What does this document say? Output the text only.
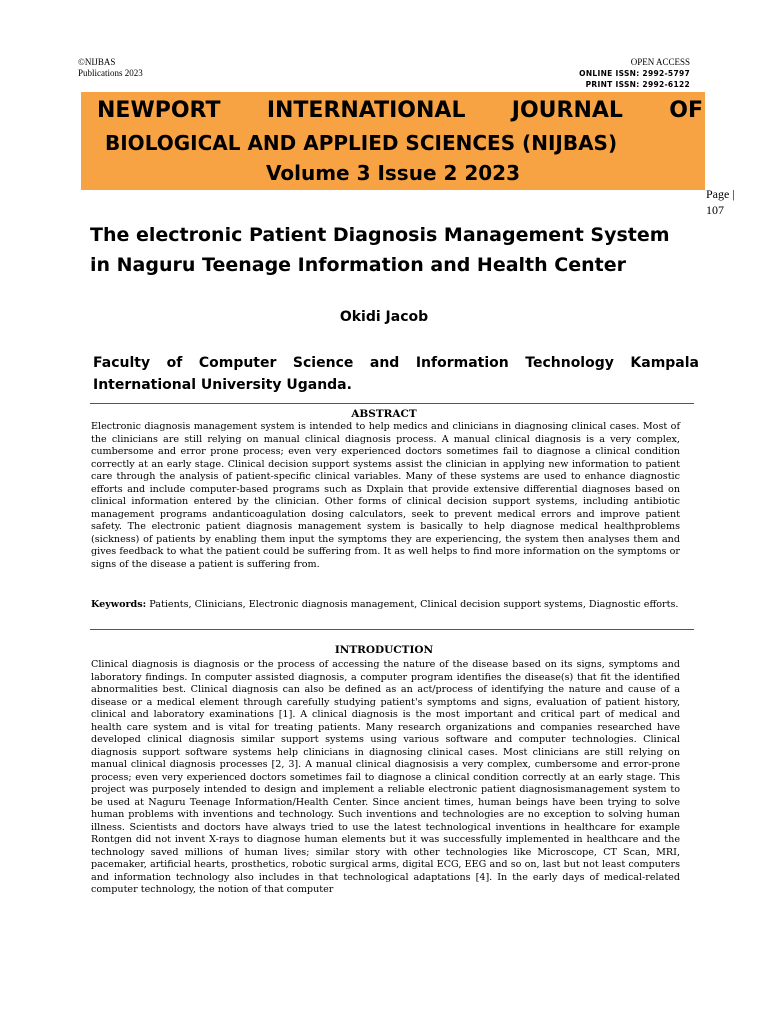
©NIJBAS
Publications 2023
OPEN ACCESS
ONLINE ISSN: 2992-5797
PRINT ISSN: 2992-6122
NEWPORT INTERNATIONAL JOURNAL OF
BIOLOGICAL AND APPLIED SCIENCES (NIJBAS)
Volume 3 Issue 2 2023
Page |
107
The electronic Patient Diagnosis Management System
in Naguru Teenage Information and Health Center
Okidi Jacob
Faculty of Computer Science and Information Technology Kampala International University Uganda.
ABSTRACT
Electronic diagnosis management system is intended to help medics and clinicians in diagnosing clinical cases. Most of the clinicians are still relying on manual clinical diagnosis process. A manual clinical diagnosis is a very complex, cumbersome and error prone process; even very experienced doctors sometimes fail to diagnose a clinical condition correctly at an early stage. Clinical decision support systems assist the clinician in applying new information to patient care through the analysis of patient-specific clinical variables. Many of these systems are used to enhance diagnostic efforts and include computer-based programs such as Dxplain that provide extensive differential diagnoses based on clinical information entered by the clinician. Other forms of clinical decision support systems, including antibiotic management programs andanticoagulation dosing calculators, seek to prevent medical errors and improve patient safety. The electronic patient diagnosis management system is basically to help diagnose medical healthproblems (sickness) of patients by enabling them input the symptoms they are experiencing, the system then analyses them and gives feedback to what the patient could be suffering from. It as well helps to find more information on the symptoms or signs of the disease a patient is suffering from.
Keywords: Patients, Clinicians, Electronic diagnosis management, Clinical decision support systems, Diagnostic efforts.
INTRODUCTION
Clinical diagnosis is diagnosis or the process of accessing the nature of the disease based on its signs, symptoms and laboratory findings. In computer assisted diagnosis, a computer program identifies the disease(s) that fit the identified abnormalities best. Clinical diagnosis can also be defined as an act/process of identifying the nature and cause of a disease or a medical element through carefully studying patient's symptoms and signs, evaluation of patient history, clinical and laboratory examinations [1]. A clinical diagnosis is the most important and critical part of medical and health care system and is vital for treating patients. Many research organizations and companies researched have developed clinical diagnosis similar support systems using various software and computer technologies. Clinical diagnosis support software systems help clinicians in diagnosing clinical cases. Most clinicians are still relying on manual clinical diagnosis processes [2, 3]. A manual clinical diagnosisis a very complex, cumbersome and error-prone process; even very experienced doctors sometimes fail to diagnose a clinical condition correctly at an early stage. This project was purposely intended to design and implement a reliable electronic patient diagnosismanagement system to be used at Naguru Teenage Information/Health Center. Since ancient times, human beings have been trying to solve human problems with inventions and technology. Such inventions and technologies are no exception to solving human illness. Scientists and doctors have always tried to use the latest technological inventions in healthcare for example Rontgen did not invent X-rays to diagnose human elements but it was successfully implemented in healthcare and the technology saved millions of human lives; similar story with other technologies like Microscope, CT Scan, MRI, pacemaker, artificial hearts, prosthetics, robotic surgical arms, digital ECG, EEG and so on, last but not least computers and information technology also includes in that technological adaptations [4]. In the early days of medical-related computer technology, the notion of that computer
